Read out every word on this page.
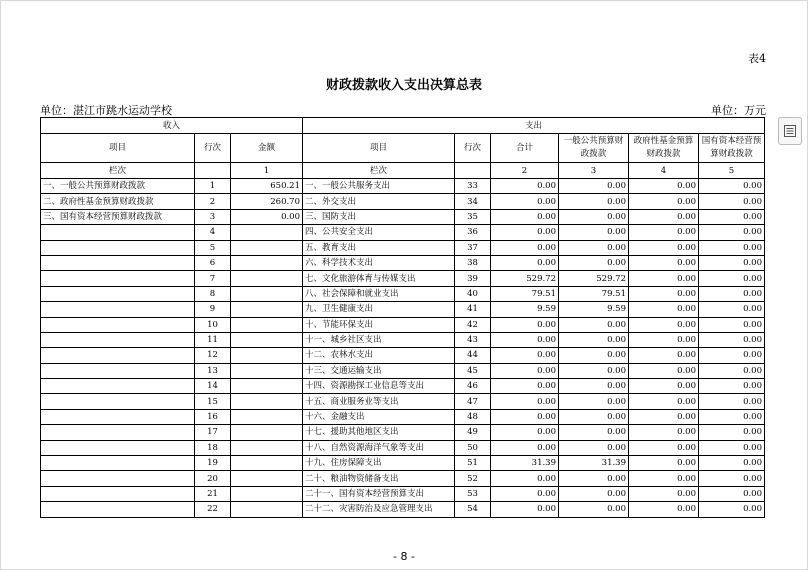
表4
财政拨款收入支出决算总表
单位：湛江市跳水运动学校	单位：万元
收入			支出					
项目	行次	金额	项目	行次	合计	一般公共预算财政拨款	政府性基金预算财政拨款	国有资本经营预算财政拨款
栏次		1	栏次		2	3	4	5
一、一般公共预算财政拨款	1	650.21	一、一般公共服务支出	33	0.00	0.00	0.00	0.00
二、政府性基金预算财政拨款	2	260.70	二、外交支出	34	0.00	0.00	0.00	0.00
三、国有资本经营预算财政拨款	3	0.00	三、国防支出	35	0.00	0.00	0.00	0.00
	4		四、公共安全支出	36	0.00	0.00	0.00	0.00
	5		五、教育支出	37	0.00	0.00	0.00	0.00
	6		六、科学技术支出	38	0.00	0.00	0.00	0.00
	7		七、文化旅游体育与传媒支出	39	529.72	529.72	0.00	0.00
	8		八、社会保障和就业支出	40	79.51	79.51	0.00	0.00
	9		九、卫生健康支出	41	9.59	9.59	0.00	0.00
	10		十、节能环保支出	42	0.00	0.00	0.00	0.00
	11		十一、城乡社区支出	43	0.00	0.00	0.00	0.00
	12		十二、农林水支出	44	0.00	0.00	0.00	0.00
	13		十三、交通运输支出	45	0.00	0.00	0.00	0.00
	14		十四、资源勘探工业信息等支出	46	0.00	0.00	0.00	0.00
	15		十五、商业服务业等支出	47	0.00	0.00	0.00	0.00
	16		十六、金融支出	48	0.00	0.00	0.00	0.00
	17		十七、援助其他地区支出	49	0.00	0.00	0.00	0.00
	18		十八、自然资源海洋气象等支出	50	0.00	0.00	0.00	0.00
	19		十九、住房保障支出	51	31.39	31.39	0.00	0.00
	20		二十、粮油物资储备支出	52	0.00	0.00	0.00	0.00
	21		二十一、国有资本经营预算支出	53	0.00	0.00	0.00	0.00
	22		二十二、灾害防治及应急管理支出	54	0.00	0.00	0.00	0.00
- 8 -
